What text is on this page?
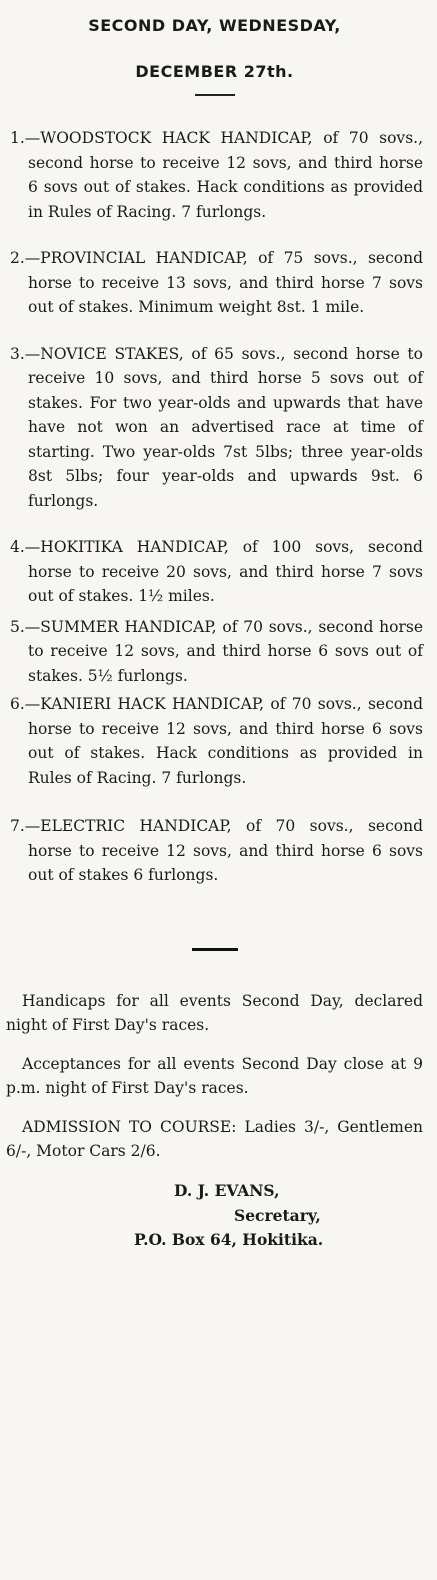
SECOND DAY, WEDNESDAY,
DECEMBER 27th.

1.—WOODSTOCK HACK HANDICAP, of 70 sovs., second horse to receive 12 sovs, and third horse 6 sovs out of stakes. Hack conditions as provided in Rules of Racing. 7 furlongs.

2.—PROVINCIAL HANDICAP, of 75 sovs., second horse to receive 13 sovs, and third horse 7 sovs out of stakes. Minimum weight 8st. 1 mile.

3.—NOVICE STAKES, of 65 sovs., second horse to receive 10 sovs, and third horse 5 sovs out of stakes. For two year-olds and upwards that have have not won an advertised race at time of starting. Two year-olds 7st 5lbs; three year-olds 8st 5lbs; four year-olds and upwards 9st. 6 furlongs.

4.—HOKITIKA HANDICAP, of 100 sovs, second horse to receive 20 sovs, and third horse 7 sovs out of stakes. 1½ miles.

5.—SUMMER HANDICAP, of 70 sovs., second horse to receive 12 sovs, and third horse 6 sovs out of stakes. 5½ furlongs.

6.—KANIERI HACK HANDICAP, of 70 sovs., second horse to receive 12 sovs, and third horse 6 sovs out of stakes. Hack conditions as provided in Rules of Racing. 7 furlongs.

7.—ELECTRIC HANDICAP, of 70 sovs., second horse to receive 12 sovs, and third horse 6 sovs out of stakes 6 furlongs.

Handicaps for all events Second Day, declared night of First Day's races.

Acceptances for all events Second Day close at 9 p.m. night of First Day's races.

ADMISSION TO COURSE: Ladies 3/-, Gentlemen 6/-, Motor Cars 2/6.

D. J. EVANS,
Secretary,
P.O. Box 64, Hokitika.
